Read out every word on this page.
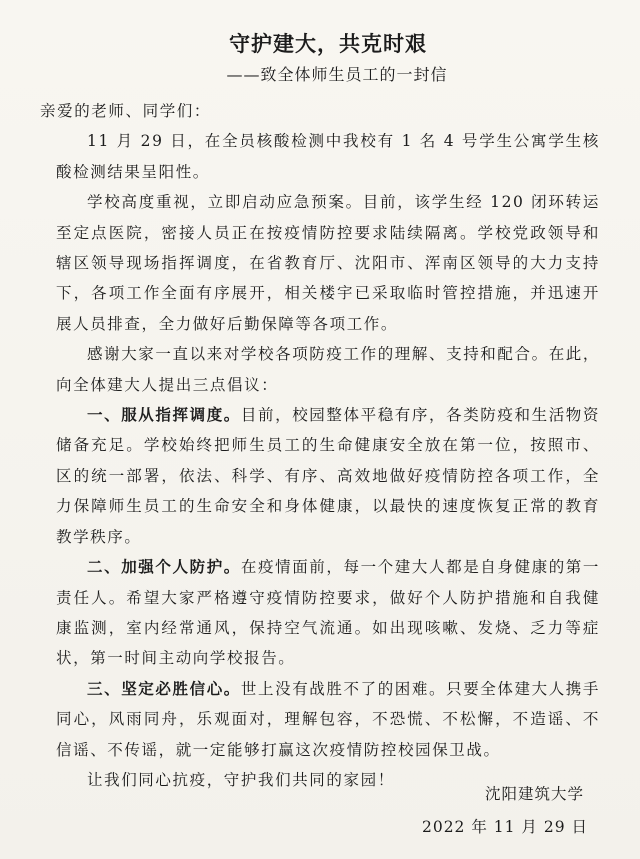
守护建大，共克时艰
——致全体师生员工的一封信

亲爱的老师、同学们：

11 月 29 日，在全员核酸检测中我校有 1 名 4 号学生公寓学生核酸检测结果呈阳性。

学校高度重视，立即启动应急预案。目前，该学生经 120 闭环转运至定点医院，密接人员正在按疫情防控要求陆续隔离。学校党政领导和辖区领导现场指挥调度，在省教育厅、沈阳市、浑南区领导的大力支持下，各项工作全面有序展开，相关楼宇已采取临时管控措施，并迅速开展人员排查，全力做好后勤保障等各项工作。

感谢大家一直以来对学校各项防疫工作的理解、支持和配合。在此，向全体建大人提出三点倡议：

一、服从指挥调度。目前，校园整体平稳有序，各类防疫和生活物资储备充足。学校始终把师生员工的生命健康安全放在第一位，按照市、区的统一部署，依法、科学、有序、高效地做好疫情防控各项工作，全力保障师生员工的生命安全和身体健康，以最快的速度恢复正常的教育教学秩序。

二、加强个人防护。在疫情面前，每一个建大人都是自身健康的第一责任人。希望大家严格遵守疫情防控要求，做好个人防护措施和自我健康监测，室内经常通风，保持空气流通。如出现咳嗽、发烧、乏力等症状，第一时间主动向学校报告。

三、坚定必胜信心。世上没有战胜不了的困难。只要全体建大人携手同心，风雨同舟，乐观面对，理解包容，不恐慌、不松懈，不造谣、不信谣、不传谣，就一定能够打赢这次疫情防控校园保卫战。

让我们同心抗疫，守护我们共同的家园！

沈阳建筑大学
2022 年 11 月 29 日
